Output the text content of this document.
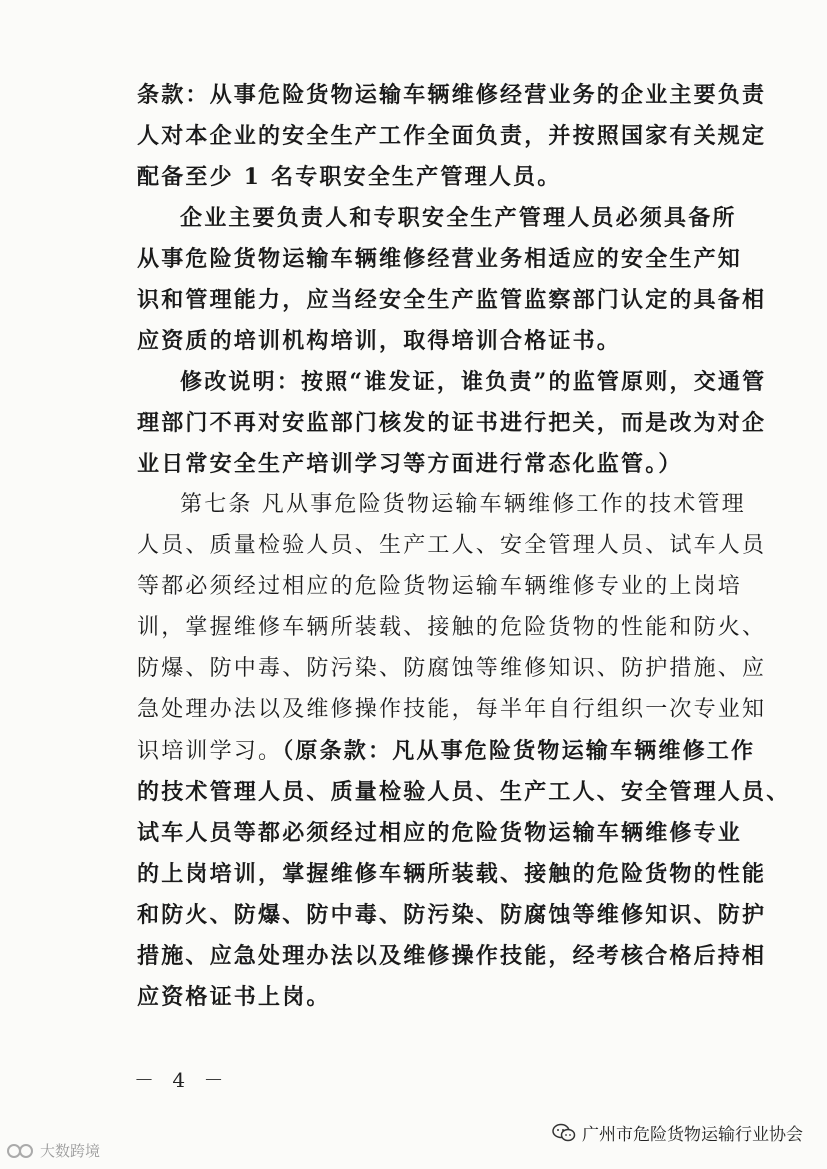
条款：从事危险货物运输车辆维修经营业务的企业主要负责
人对本企业的安全生产工作全面负责，并按照国家有关规定
配备至少 1 名专职安全生产管理人员。
企业主要负责人和专职安全生产管理人员必须具备所
从事危险货物运输车辆维修经营业务相适应的安全生产知
识和管理能力，应当经安全生产监管监察部门认定的具备相
应资质的培训机构培训，取得培训合格证书。
修改说明：按照“谁发证，谁负责”的监管原则，交通管
理部门不再对安监部门核发的证书进行把关，而是改为对企
业日常安全生产培训学习等方面进行常态化监管。）
第七条 凡从事危险货物运输车辆维修工作的技术管理
人员、质量检验人员、生产工人、安全管理人员、试车人员
等都必须经过相应的危险货物运输车辆维修专业的上岗培
训，掌握维修车辆所装载、接触的危险货物的性能和防火、
防爆、防中毒、防污染、防腐蚀等维修知识、防护措施、应
急处理办法以及维修操作技能，每半年自行组织一次专业知
识培训学习。（原条款：凡从事危险货物运输车辆维修工作
的技术管理人员、质量检验人员、生产工人、安全管理人员、
试车人员等都必须经过相应的危险货物运输车辆维修专业
的上岗培训，掌握维修车辆所装载、接触的危险货物的性能
和防火、防爆、防中毒、防污染、防腐蚀等维修知识、防护
措施、应急处理办法以及维修操作技能，经考核合格后持相
应资格证书上岗。
－ 4 －
大数跨境
广州市危险货物运输行业协会
